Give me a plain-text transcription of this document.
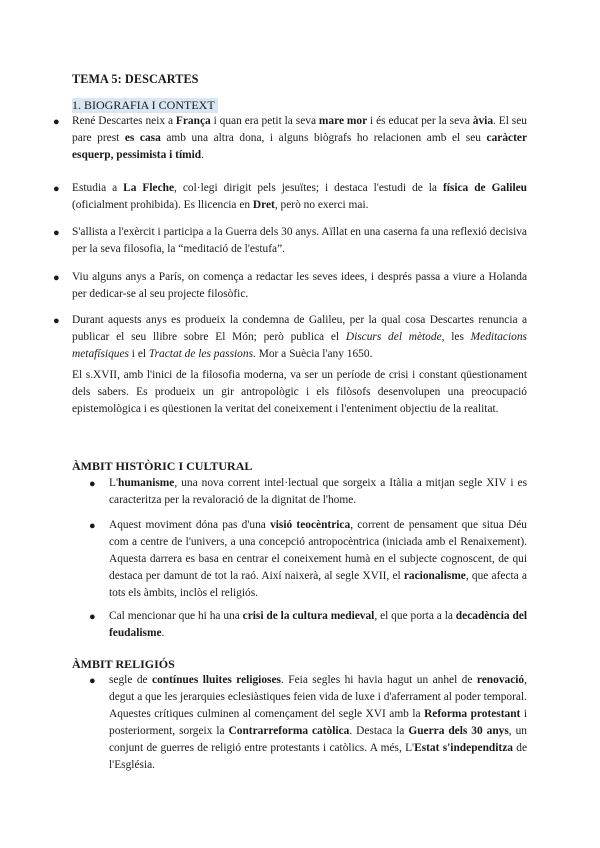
TEMA 5: DESCARTES
1. BIOGRAFIA I CONTEXT
● René Descartes neix a França i quan era petit la seva mare mor i és educat per la seva àvia. El seu pare prest es casa amb una altra dona, i alguns biògrafs ho relacionen amb el seu caràcter esquerp, pessimista i tímid.
● Estudia a La Fleche, col·legi dirigit pels jesuïtes; i destaca l'estudi de la física de Galileu (oficialment prohibida). Es llicencia en Dret, però no exerci mai.
● S'allista a l'exèrcit i participa a la Guerra dels 30 anys. Aïllat en una caserna fa una reflexió decisiva per la seva filosofia, la “meditació de l'estufa”.
● Viu alguns anys a París, on comença a redactar les seves idees, i després passa a viure a Holanda per dedicar-se al seu projecte filosòfic.
● Durant aquests anys es produeix la condemna de Galileu, per la qual cosa Descartes renuncia a publicar el seu llibre sobre El Món; però publica el Discurs del mètode, les Meditacions metafísiques i el Tractat de les passions. Mor a Suècia l'any 1650.
El s.XVII, amb l'inici de la filosofia moderna, va ser un període de crisi i constant qüestionament dels sabers. Es produeix un gir antropològic i els filòsofs desenvolupen una preocupació epistemològica i es qüestionen la veritat del coneixement i l'enteniment objectiu de la realitat.
ÀMBIT HISTÒRIC I CULTURAL
● L'humanisme, una nova corrent intel·lectual que sorgeix a Itàlia a mitjan segle XIV i es caracteritza per la revaloració de la dignitat de l'home.
● Aquest moviment dóna pas d'una visió teocèntrica, corrent de pensament que situa Déu com a centre de l'univers, a una concepció antropocèntrica (iniciada amb el Renaixement). Aquesta darrera es basa en centrar el coneixement humà en el subjecte cognoscent, de qui destaca per damunt de tot la raó. Així naixerà, al segle XVII, el racionalisme, que afecta a tots els àmbits, inclòs el religiós.
● Cal mencionar que hi ha una crisi de la cultura medieval, el que porta a la decadència del feudalisme.
ÀMBIT RELIGIÓS
● segle de contínues lluites religioses. Feia segles hi havia hagut un anhel de renovació, degut a que les jerarquies eclesiàstiques feien vida de luxe i d'aferrament al poder temporal. Aquestes crítiques culminen al començament del segle XVI amb la Reforma protestant i posteriorment, sorgeix la Contrarreforma catòlica. Destaca la Guerra dels 30 anys, un conjunt de guerres de religió entre protestants i catòlics. A més, L'Estat s'independitza de l'Església.
